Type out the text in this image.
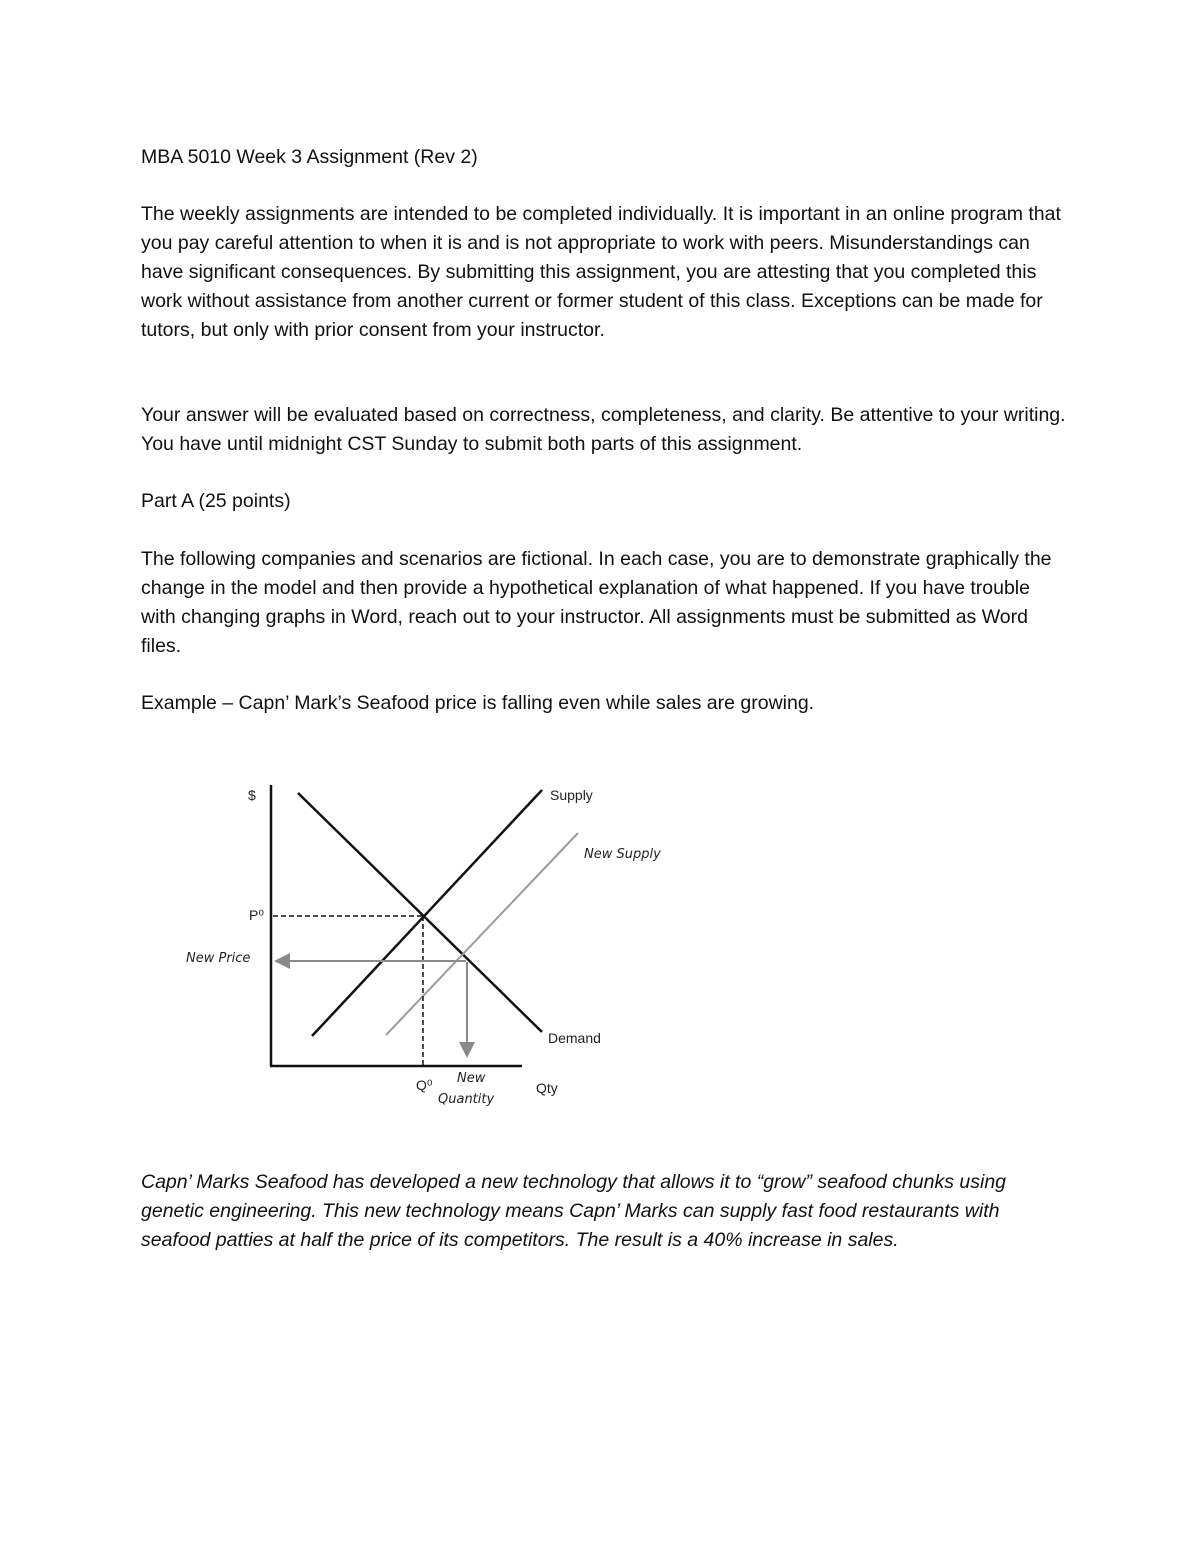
MBA 5010 Week 3 Assignment (Rev 2)

The weekly assignments are intended to be completed individually. It is important in an online program that you pay careful attention to when it is and is not appropriate to work with peers. Misunderstandings can have significant consequences. By submitting this assignment, you are attesting that you completed this work without assistance from another current or former student of this class. Exceptions can be made for tutors, but only with prior consent from your instructor.

Your answer will be evaluated based on correctness, completeness, and clarity. Be attentive to your writing. You have until midnight CST Sunday to submit both parts of this assignment.

Part A (25 points)

The following companies and scenarios are fictional. In each case, you are to demonstrate graphically the change in the model and then provide a hypothetical explanation of what happened. If you have trouble with changing graphs in Word, reach out to your instructor. All assignments must be submitted as Word files.

Example – Capn’ Mark’s Seafood price is falling even while sales are growing.

$	Supply
New Supply
P⁰
New Price
Demand
Q⁰ New
Quantity
Qty

Capn’ Marks Seafood has developed a new technology that allows it to “grow” seafood chunks using genetic engineering. This new technology means Capn’ Marks can supply fast food restaurants with seafood patties at half the price of its competitors. The result is a 40% increase in sales.
